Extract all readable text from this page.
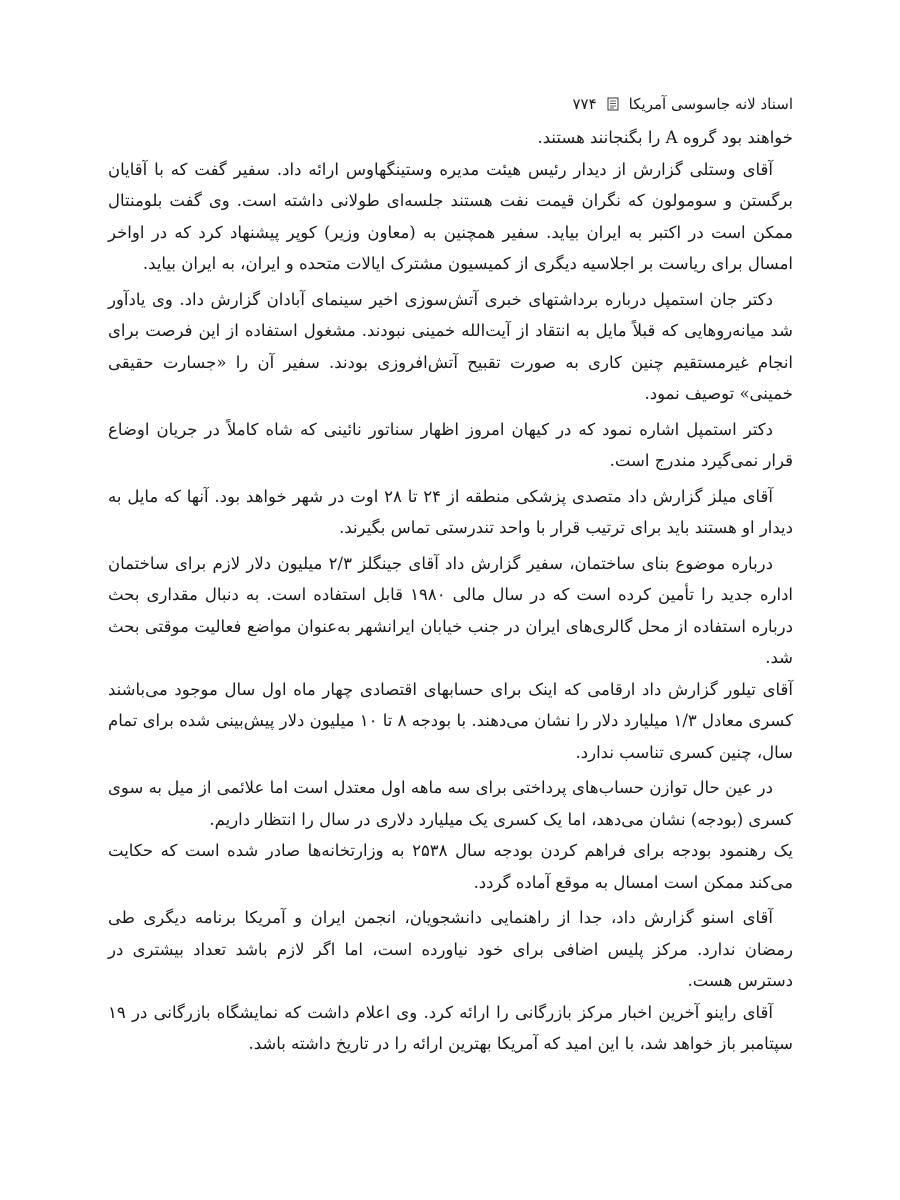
اسناد لانه جاسوسی آمریکا
۷۷۴

خواهند بود گروه A را بگنجانند هستند.

آقای وستلی گزارش از دیدار رئیس هیئت مدیره وستینگهاوس ارائه داد. سفیر گفت که با آقایان برگستن و سومولون که نگران قیمت نفت هستند جلسه‌ای طولانی داشته است. وی گفت بلومنتال ممکن است در اکتبر به ایران بیاید. سفیر همچنین به (معاون وزیر) کوپر پیشنهاد کرد که در اواخر امسال برای ریاست بر اجلاسیه دیگری از کمیسیون مشترک ایالات متحده و ایران، به ایران بیاید.

دکتر جان استمپل درباره برداشتهای خبری آتش‌سوزی اخیر سینمای آبادان گزارش داد. وی یادآور شد میانه‌روهایی که قبلاً مایل به انتقاد از آیت‌الله خمینی نبودند. مشغول استفاده از این فرصت برای انجام غیرمستقیم چنین کاری به صورت تقبیح آتش‌افروزی بودند. سفیر آن را «جسارت حقیقی خمینی» توصیف نمود.

دکتر استمپل اشاره نمود که در کیهان امروز اظهار سناتور نائینی که شاه کاملاً در جریان اوضاع قرار نمی‌گیرد مندرج است.

آقای میلز گزارش داد متصدی پزشکی منطقه از ۲۴ تا ۲۸ اوت در شهر خواهد بود. آنها که مایل به دیدار او هستند باید برای ترتیب قرار با واحد تندرستی تماس بگیرند.

درباره موضوع بنای ساختمان، سفیر گزارش داد آقای جینگلز ۲/۳ میلیون دلار لازم برای ساختمان اداره جدید را تأمین کرده است که در سال مالی ۱۹۸۰ قابل استفاده است. به دنبال مقداری بحث درباره استفاده از محل گالری‌های ایران در جنب خیابان ایرانشهر به‌عنوان مواضع فعالیت موقتی بحث شد.

آقای تیلور گزارش داد ارقامی که اینک برای حسابهای اقتصادی چهار ماه اول سال موجود می‌باشند کسری معادل ۱/۳ میلیارد دلار را نشان می‌دهند. با بودجه ۸ تا ۱۰ میلیون دلار پیش‌بینی شده برای تمام سال، چنین کسری تناسب ندارد.

در عین حال توازن حساب‌های پرداختی برای سه ماهه اول معتدل است اما علائمی از میل به سوی کسری (بودجه) نشان می‌دهد، اما یک کسری یک میلیارد دلاری در سال را انتظار داریم.

یک رهنمود بودجه برای فراهم کردن بودجه سال ۲۵۳۸ به وزارتخانه‌ها صادر شده است که حکایت می‌کند ممکن است امسال به موقع آماده گردد.

آقای اسنو گزارش داد، جدا از راهنمایی دانشجویان، انجمن ایران و آمریکا برنامه دیگری طی رمضان ندارد. مرکز پلیس اضافی برای خود نیاورده است، اما اگر لازم باشد تعداد بیشتری در دسترس هست.

آقای راینو آخرین اخبار مرکز بازرگانی را ارائه کرد. وی اعلام داشت که نمایشگاه بازرگانی در ۱۹ سپتامبر باز خواهد شد، با این امید که آمریکا بهترین ارائه را در تاریخ داشته باشد.
